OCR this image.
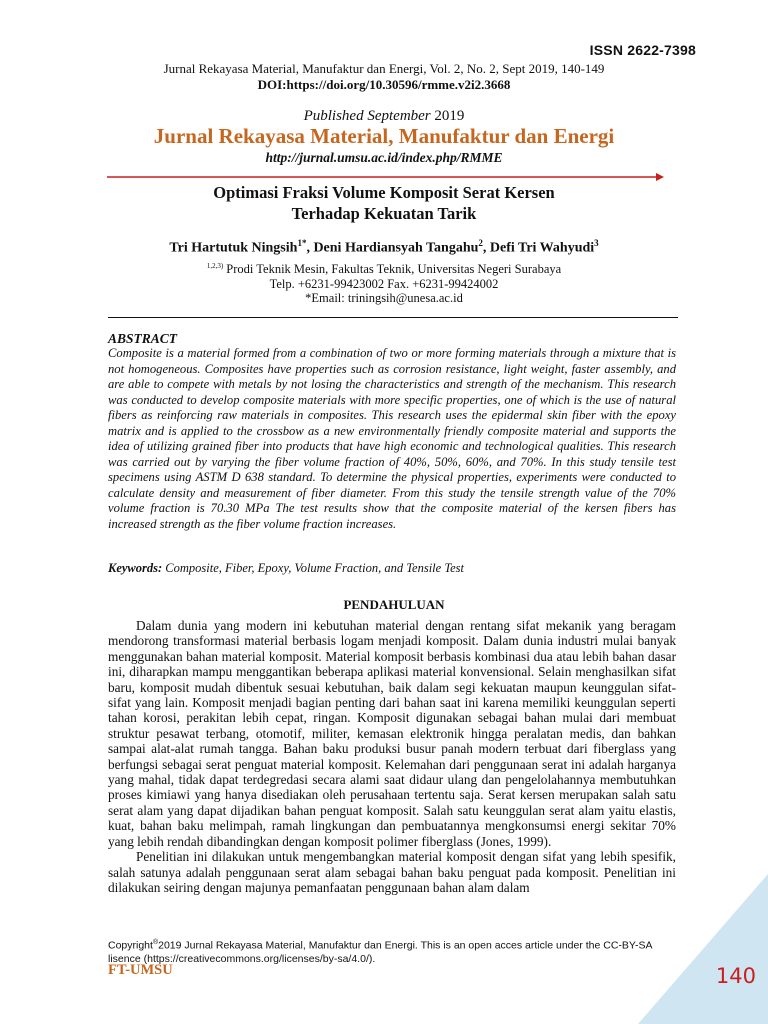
ISSN 2622-7398
Jurnal Rekayasa Material, Manufaktur dan Energi, Vol. 2, No. 2, Sept 2019, 140-149
DOI:https://doi.org/10.30596/rmme.v2i2.3668
Published September 2019
Jurnal Rekayasa Material, Manufaktur dan Energi
http://jurnal.umsu.ac.id/index.php/RMME
Optimasi Fraksi Volume Komposit Serat Kersen
Terhadap Kekuatan Tarik
Tri Hartutuk Ningsih$^{1*}$, Deni Hardiansyah Tangahu$^2$, Defi Tri Wahyudi$^3$
$^{1,2,3)}$ Prodi Teknik Mesin, Fakultas Teknik, Universitas Negeri Surabaya
Telp. +6231-99423002 Fax. +6231-99424002
*Email: triningsih@unesa.ac.id
ABSTRACT
Composite is a material formed from a combination of two or more forming materials through a mixture that is not homogeneous. Composites have properties such as corrosion resistance, light weight, faster assembly, and are able to compete with metals by not losing the characteristics and strength of the mechanism. This research was conducted to develop composite materials with more specific properties, one of which is the use of natural fibers as reinforcing raw materials in composites. This research uses the epidermal skin fiber with the epoxy matrix and is applied to the crossbow as a new environmentally friendly composite material and supports the idea of utilizing grained fiber into products that have high economic and technological qualities. This research was carried out by varying the fiber volume fraction of 40%, 50%, 60%, and 70%. In this study tensile test specimens using ASTM D 638 standard. To determine the physical properties, experiments were conducted to calculate density and measurement of fiber diameter. From this study the tensile strength value of the 70% volume fraction is 70.30 MPa The test results show that the composite material of the kersen fibers has increased strength as the fiber volume fraction increases.
Keywords: Composite, Fiber, Epoxy, Volume Fraction, and Tensile Test
PENDAHULUAN

Dalam dunia yang modern ini kebutuhan material dengan rentang sifat mekanik yang beragam mendorong transformasi material berbasis logam menjadi komposit. Dalam dunia industri mulai banyak menggunakan bahan material komposit. Material komposit berbasis kombinasi dua atau lebih bahan dasar ini, diharapkan mampu menggantikan beberapa aplikasi material konvensional. Selain menghasilkan sifat baru, komposit mudah dibentuk sesuai kebutuhan, baik dalam segi kekuatan maupun keunggulan sifat-sifat yang lain. Komposit menjadi bagian penting dari bahan saat ini karena memiliki keunggulan seperti tahan korosi, perakitan lebih cepat, ringan. Komposit digunakan sebagai bahan mulai dari membuat struktur pesawat terbang, otomotif, militer, kemasan elektronik hingga peralatan medis, dan bahkan sampai alat-alat rumah tangga. Bahan baku produksi busur panah modern terbuat dari fiberglass yang berfungsi sebagai serat penguat material komposit. Kelemahan dari penggunaan serat ini adalah harganya yang mahal, tidak dapat terdegredasi secara alami saat didaur ulang dan pengelolahannya membutuhkan proses kimiawi yang hanya disediakan oleh perusahaan tertentu saja. Serat kersen merupakan salah satu serat alam yang dapat dijadikan bahan penguat komposit. Salah satu keunggulan serat alam yaitu elastis, kuat, bahan baku melimpah, ramah lingkungan dan pembuatannya mengkonsumsi energi sekitar 70% yang lebih rendah dibandingkan dengan komposit polimer fiberglass (Jones, 1999).

Penelitian ini dilakukan untuk mengembangkan material komposit dengan sifat yang lebih spesifik, salah satunya adalah penggunaan serat alam sebagai bahan baku penguat pada komposit. Penelitian ini dilakukan seiring dengan majunya pemanfaatan penggunaan bahan alam dalam

Copyright®2019 Jurnal Rekayasa Material, Manufaktur dan Energi. This is an open acces article under the CC-BY-SA
lisence (https://creativecommons.org/licenses/by-sa/4.0/).
FT-UMSU	140
